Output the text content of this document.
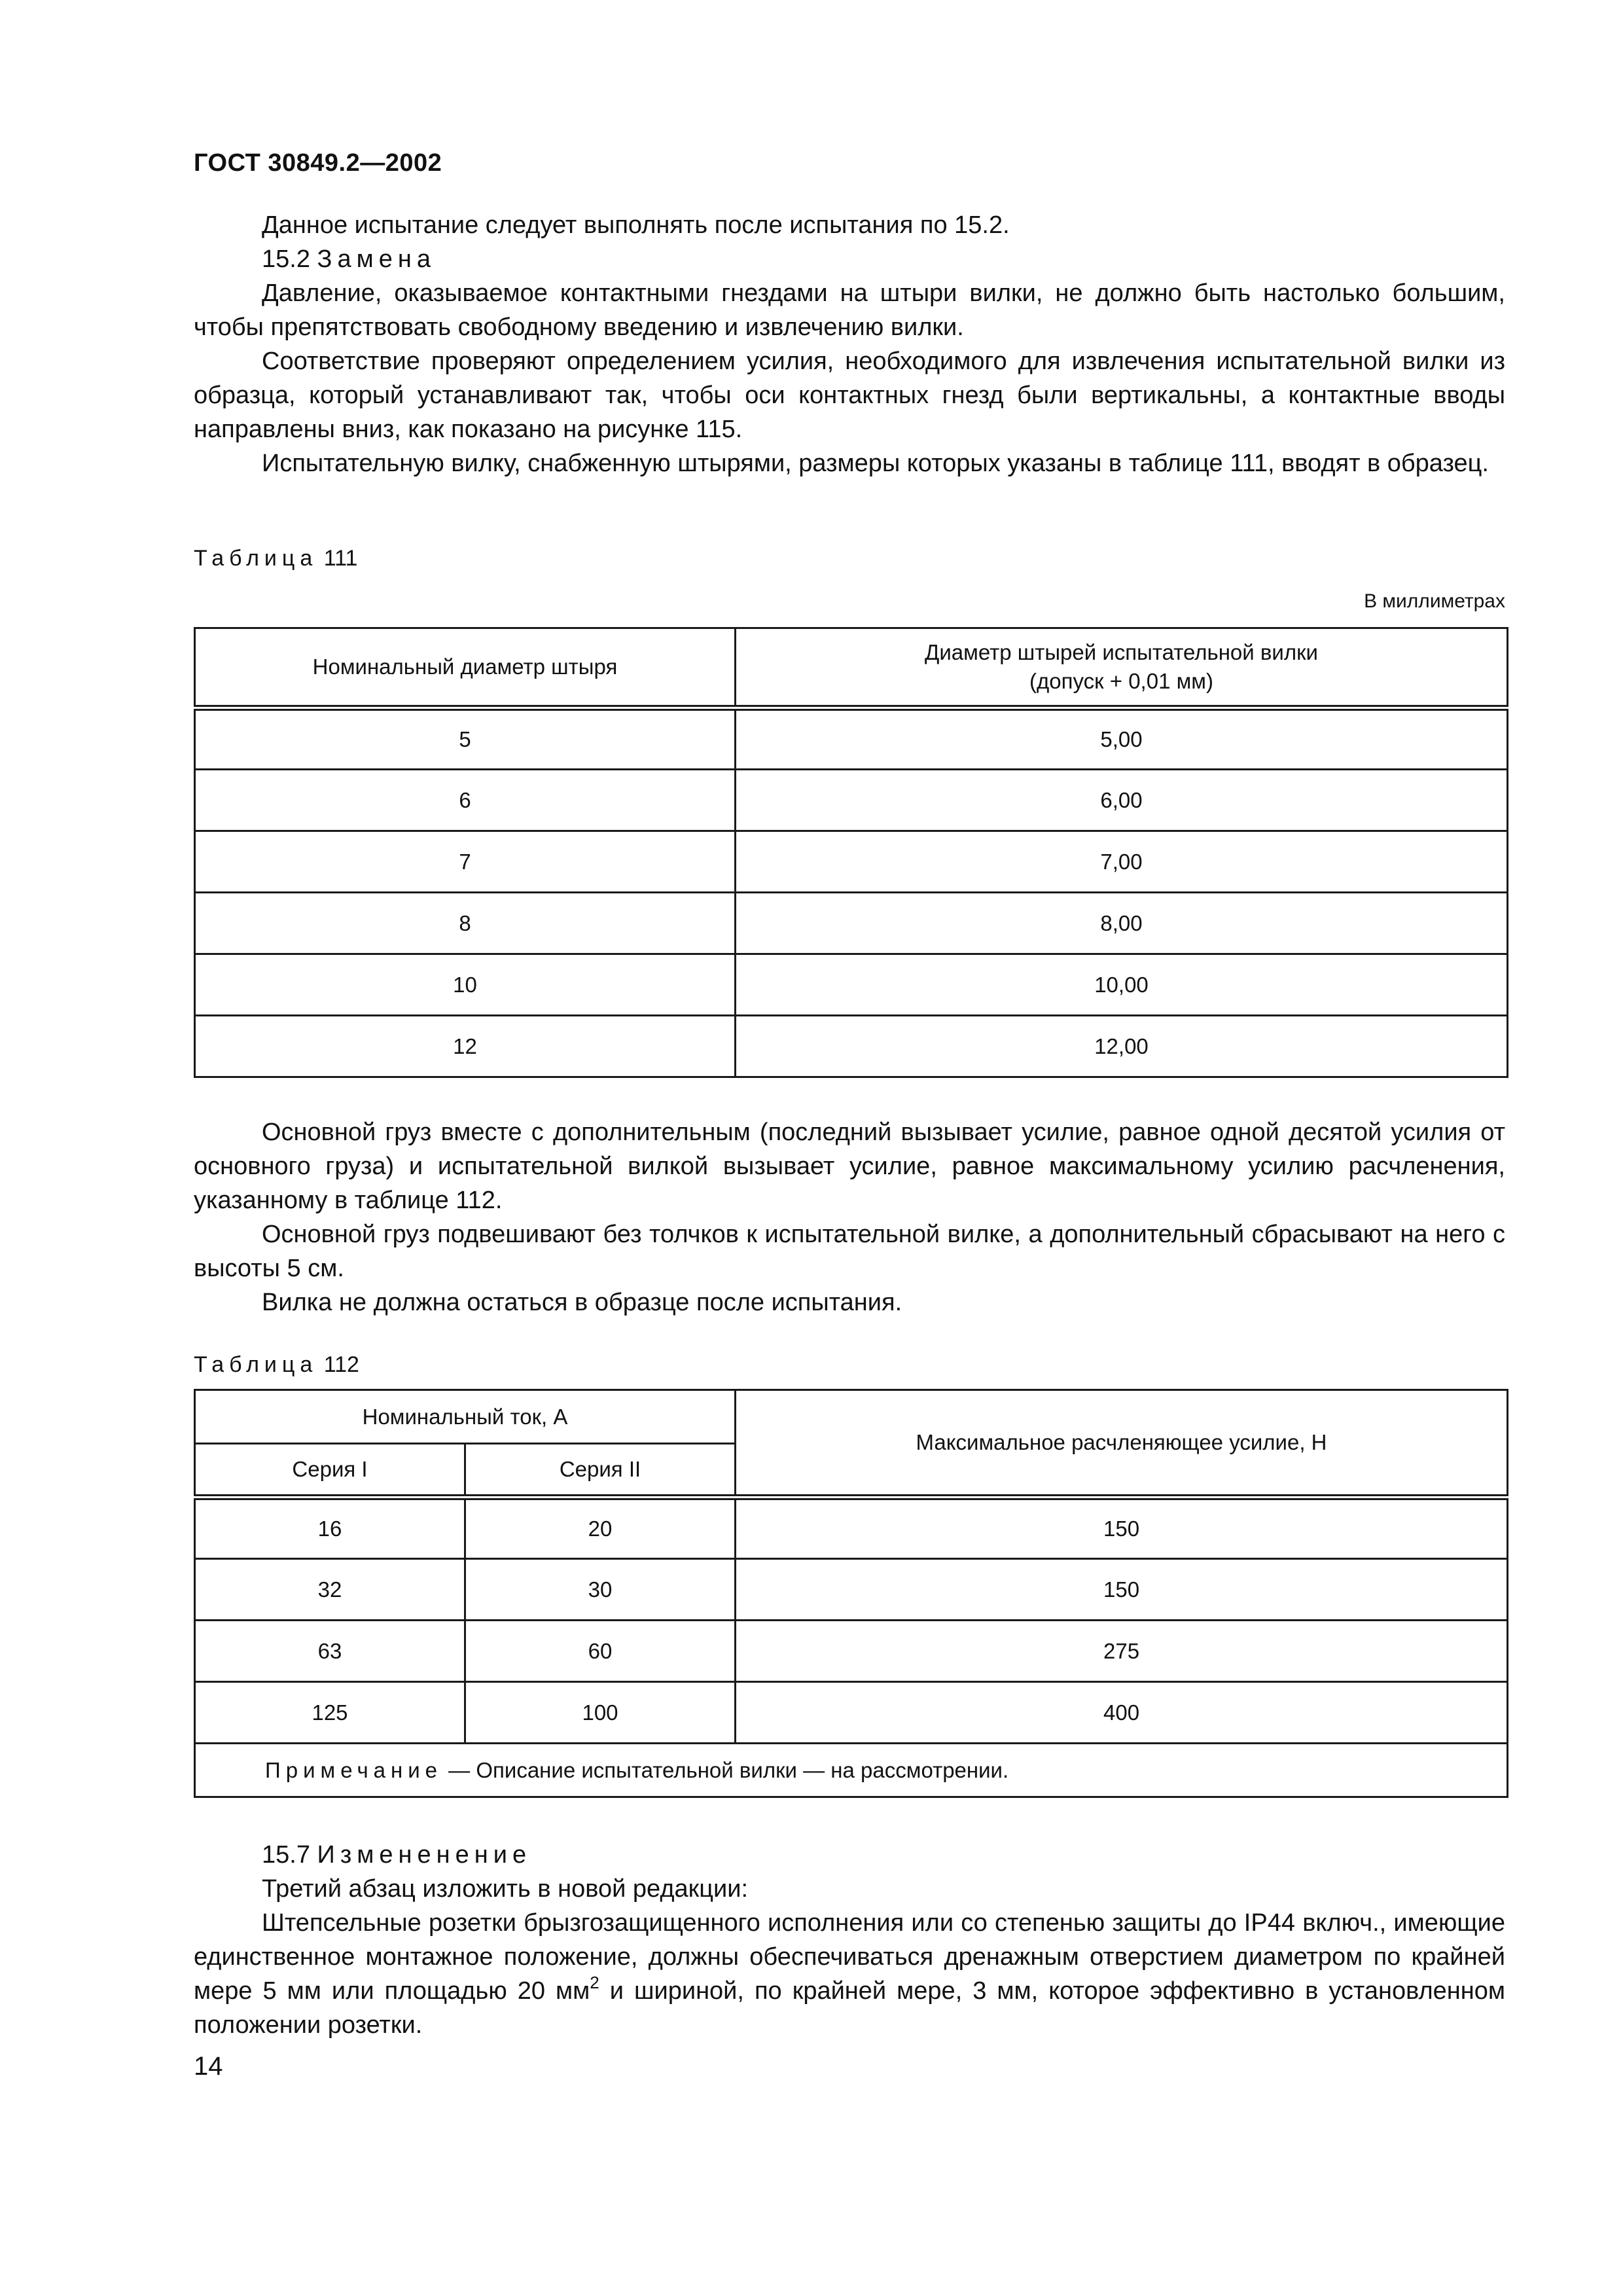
ГОСТ 30849.2—2002
Данное испытание следует выполнять после испытания по 15.2.
15.2 Замена

Давление, оказываемое контактными гнездами на штыри вилки, не должно быть настолько большим, чтобы препятствовать свободному введению и извлечению вилки.

Соответствие проверяют определением усилия, необходимого для извлечения испытательной вилки из образца, который устанавливают так, чтобы оси контактных гнезд были вертикальны, а контактные вводы направлены вниз, как показано на рисунке 115.

Испытательную вилку, снабженную штырями, размеры которых указаны в таблице 111, вводят в образец.

Таблица 111
В миллиметрах
Номинальный диаметр штыря	Диаметр штырей испытательной вилки
(допуск + 0,01 мм)

5	5,00
6	6,00
7	7,00
8	8,00
10	10,00
12	12,00

Основной груз вместе с дополнительным (последний вызывает усилие, равное одной десятой усилия от основного груза) и испытательной вилкой вызывает усилие, равное максимальному усилию расчленения, указанному в таблице 112.

Основной груз подвешивают без толчков к испытательной вилке, а дополнительный сбрасывают на него с высоты 5 см.

Вилка не должна остаться в образце после испытания.

Таблица 112
Номинальный ток, А		Максимальное расчленяющее усилие, Н
Серия I	Серия II	
16	20	150
32	30	150
63	60	275
125	100	400
Примечание — Описание испытательной вилки — на рассмотрении.		
15.7 Измененение
Третий абзац изложить в новой редакции:

Штепсельные розетки брызгозащищенного исполнения или со степенью защиты до IP44 включ., имеющие единственное монтажное положение, должны обеспечиваться дренажным отверстием диаметром по крайней мере 5 мм или площадью 20 $мм^2$ и шириной, по крайней мере, 3 мм, которое эффективно в установленном положении розетки.

14
